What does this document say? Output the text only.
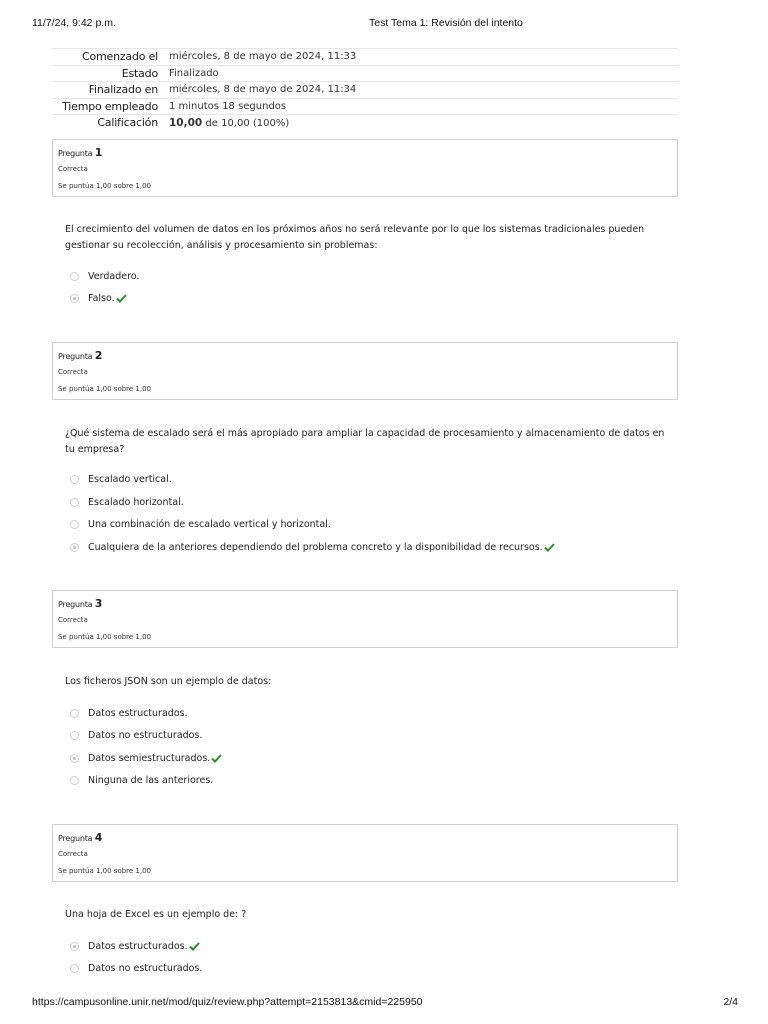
11/7/24, 9:42 p.m.	Test Tema 1: Revisión del intento
Comenzado el	miércoles, 8 de mayo de 2024, 11:33
Estado	Finalizado
Finalizado en	miércoles, 8 de mayo de 2024, 11:34
Tiempo empleado	1 minutos 18 segundos
Calificación	10,00 de 10,00 (100%)
Pregunta 1
Correcta
Se puntúa 1,00 sobre 1,00
El crecimiento del volumen de datos en los próximos años no será relevante por lo que los sistemas tradicionales pueden gestionar su recolección, análisis y procesamiento sin problemas:
Verdadero.
Falso.
Pregunta 2
Correcta
Se puntúa 1,00 sobre 1,00
¿Qué sistema de escalado será el más apropiado para ampliar la capacidad de procesamiento y almacenamiento de datos en tu empresa?
Escalado vertical.
Escalado horizontal.
Una combinación de escalado vertical y horizontal.
Cualquiera de la anteriores dependiendo del problema concreto y la disponibilidad de recursos.
Pregunta 3
Correcta
Se puntúa 1,00 sobre 1,00
Los ficheros JSON son un ejemplo de datos:
Datos estructurados.
Datos no estructurados.
Datos semiestructurados.
Ninguna de las anteriores.
Pregunta 4
Correcta
Se puntúa 1,00 sobre 1,00
Una hoja de Excel es un ejemplo de: ?
Datos estructurados.
Datos no estructurados.
https://campusonline.unir.net/mod/quiz/review.php?attempt=2153813&cmid=225950	2/4
